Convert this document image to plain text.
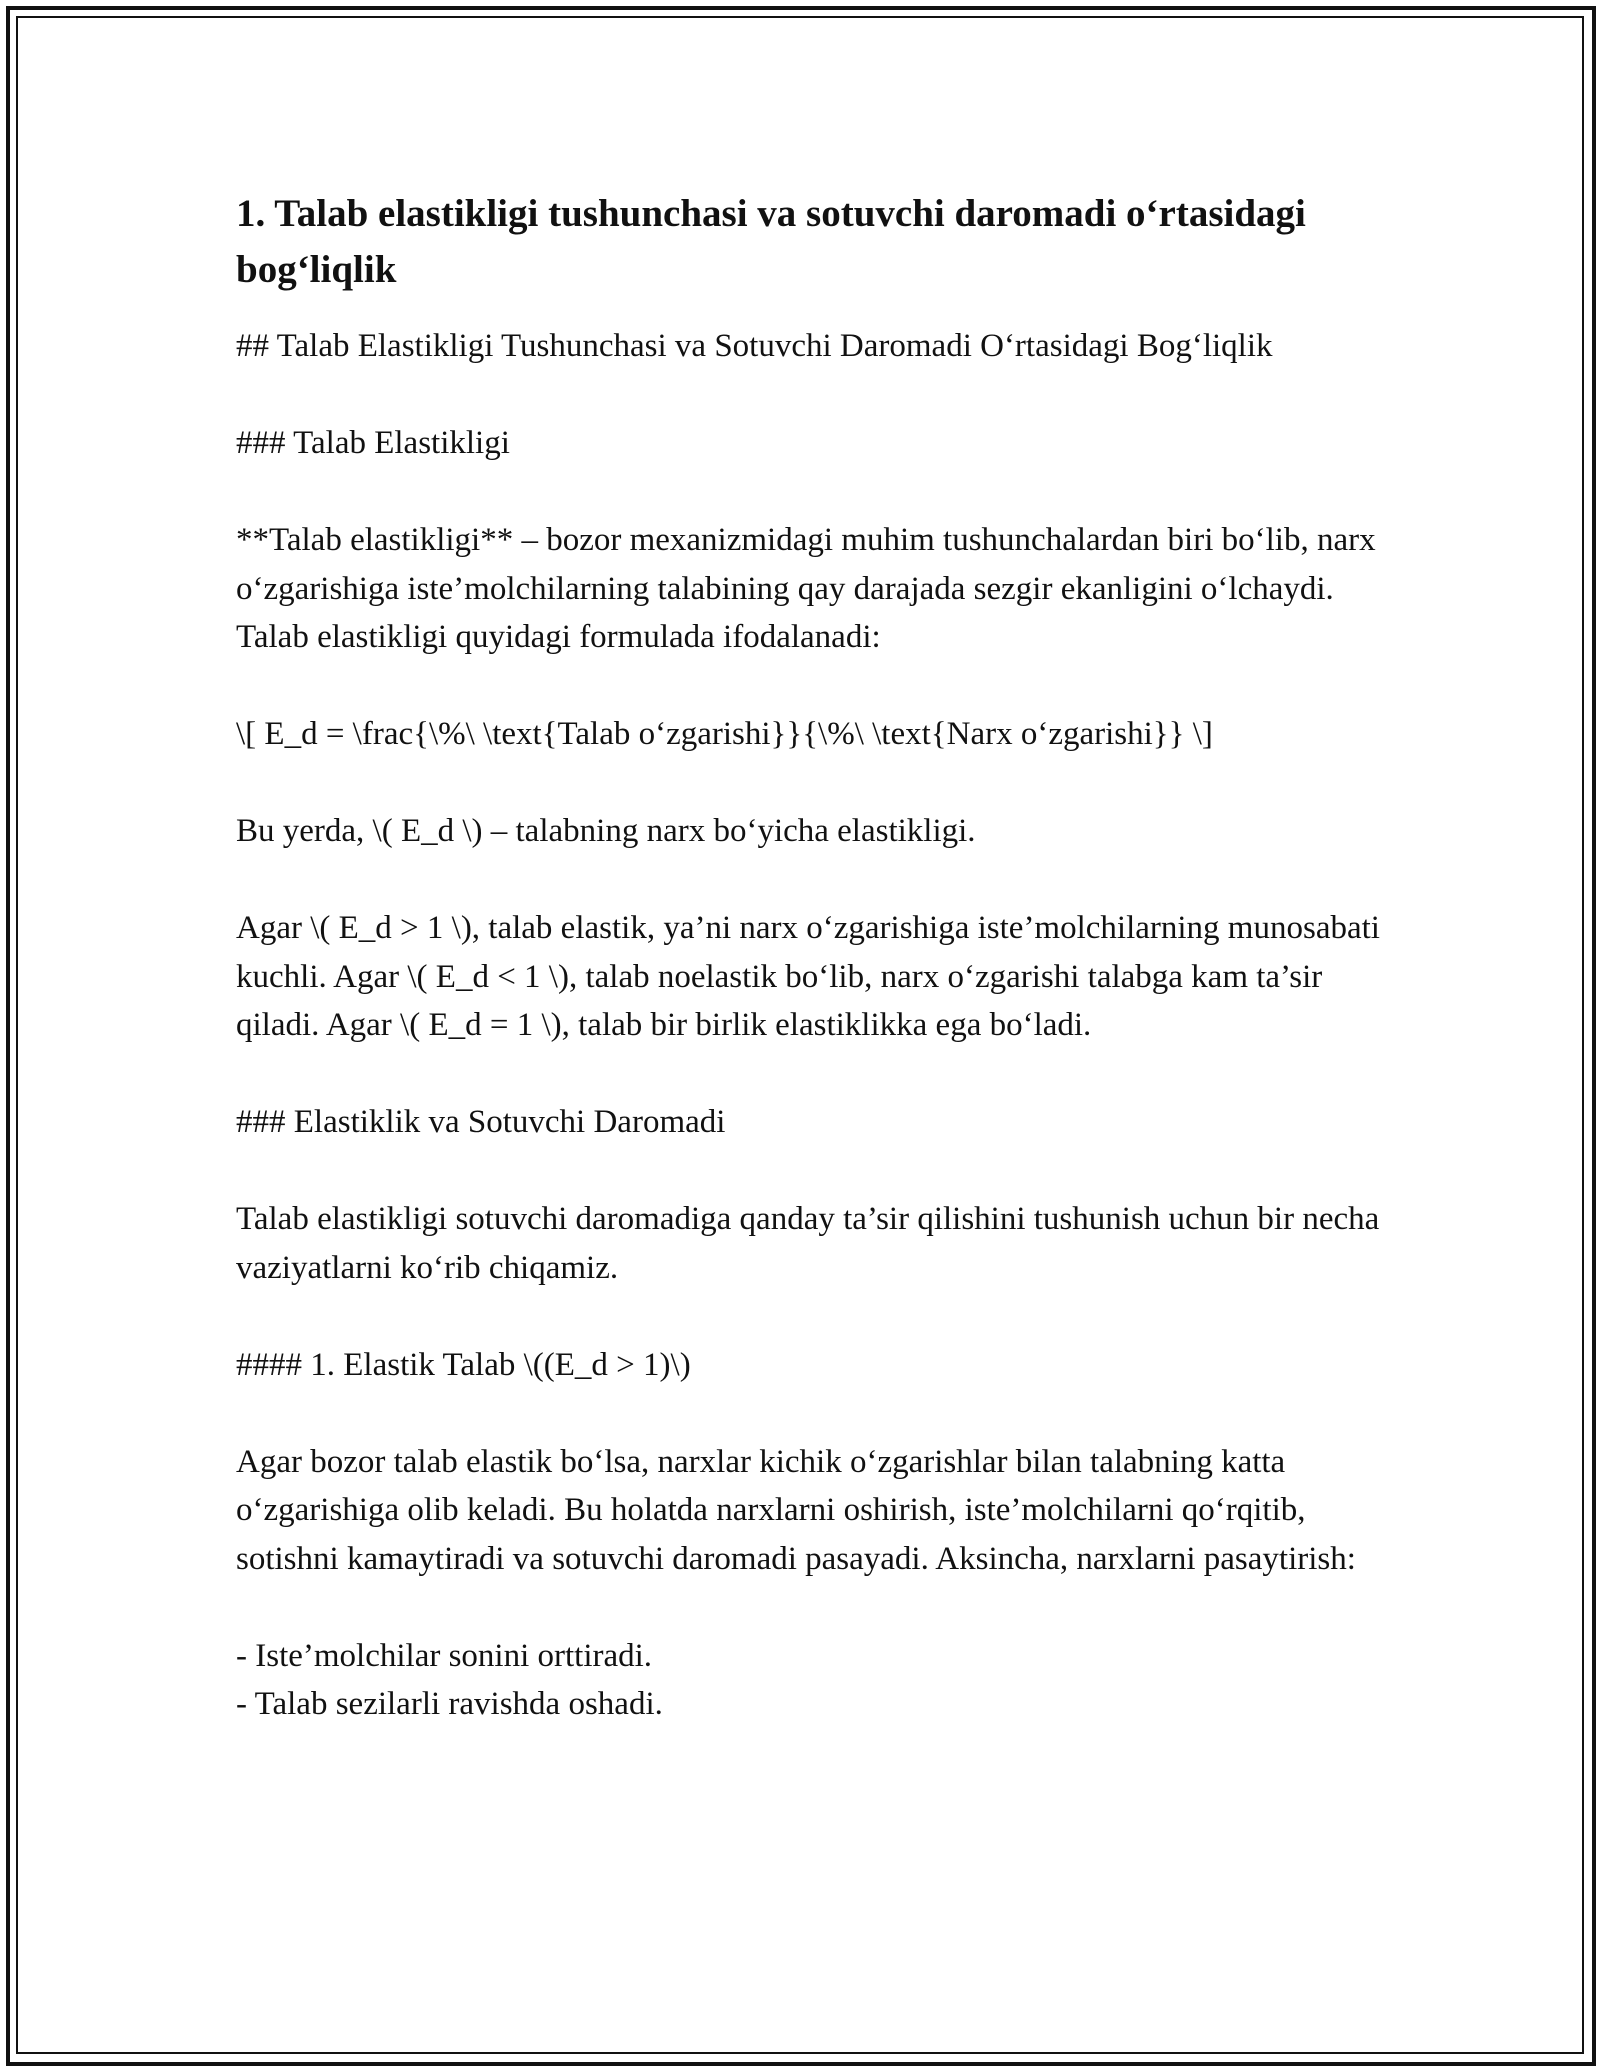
1. Talab elastikligi tushunchasi va sotuvchi daromadi o‘rtasidagi bog‘liqlik

## Talab Elastikligi Tushunchasi va Sotuvchi Daromadi O‘rtasidagi Bog‘liqlik

### Talab Elastikligi

**Talab elastikligi** – bozor mexanizmidagi muhim tushunchalardan biri bo‘lib, narx o‘zgarishiga iste’molchilarning talabining qay darajada sezgir ekanligini o‘lchaydi. Talab elastikligi quyidagi formulada ifodalanadi:

\[ E_d = \frac{\%\ \text{Talab o‘zgarishi}}{\%\ \text{Narx o‘zgarishi}} \]

Bu yerda, \( E_d \) – talabning narx bo‘yicha elastikligi.

Agar \( E_d > 1 \), talab elastik, ya’ni narx o‘zgarishiga iste’molchilarning munosabati kuchli. Agar \( E_d < 1 \), talab noelastik bo‘lib, narx o‘zgarishi talabga kam ta’sir qiladi. Agar \( E_d = 1 \), talab bir birlik elastiklikka ega bo‘ladi.

### Elastiklik va Sotuvchi Daromadi

Talab elastikligi sotuvchi daromadiga qanday ta’sir qilishini tushunish uchun bir necha vaziyatlarni ko‘rib chiqamiz.

#### 1. Elastik Talab \((E_d > 1)\)

Agar bozor talab elastik bo‘lsa, narxlar kichik o‘zgarishlar bilan talabning katta o‘zgarishiga olib keladi. Bu holatda narxlarni oshirish, iste’molchilarni qo‘rqitib, sotishni kamaytiradi va sotuvchi daromadi pasayadi. Aksincha, narxlarni pasaytirish:

- Iste’molchilar sonini orttiradi.
- Talab sezilarli ravishda oshadi.
